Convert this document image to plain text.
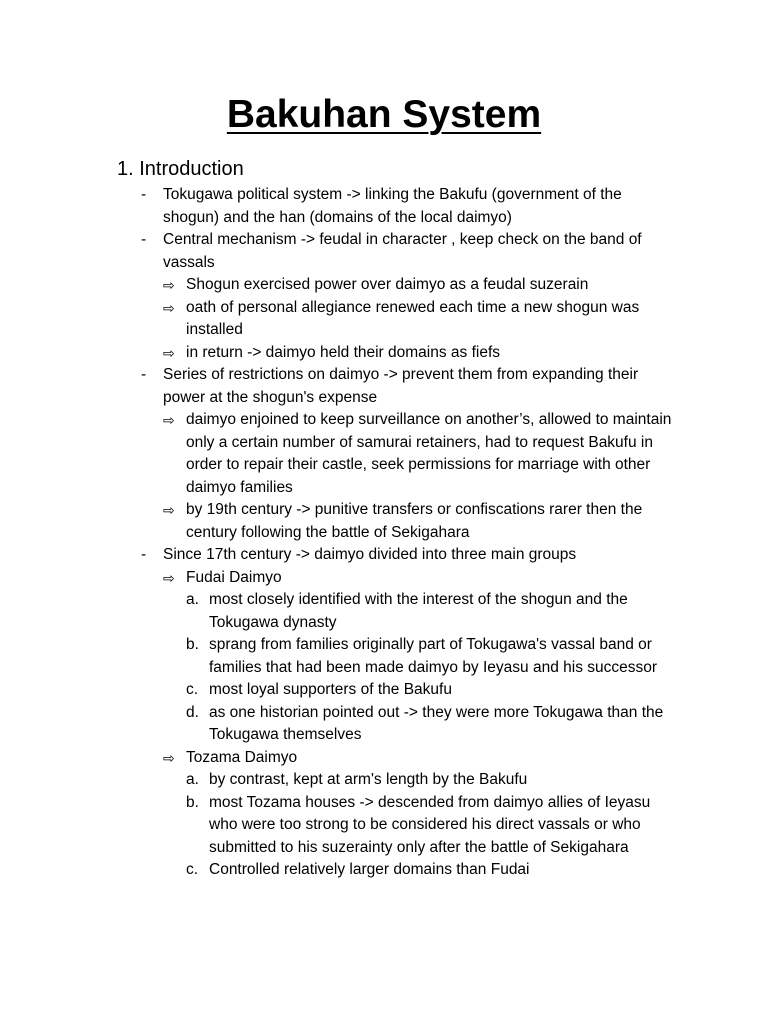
Bakuhan System
1. Introduction
- Tokugawa political system -> linking the Bakufu (government of the shogun) and the han (domains of the local daimyo)
- Central mechanism -> feudal in character , keep check on the band of vassals
⇨ Shogun exercised power over daimyo as a feudal suzerain
⇨ oath of personal allegiance renewed each time a new shogun was installed
⇨ in return -> daimyo held their domains as fiefs
- Series of restrictions on daimyo -> prevent them from expanding their power at the shogun's expense
⇨ daimyo enjoined to keep surveillance on another’s, allowed to maintain only a certain number of samurai retainers, had to request Bakufu in order to repair their castle, seek permissions for marriage with other daimyo families
⇨ by 19th century -> punitive transfers or confiscations rarer then the century following the battle of Sekigahara
- Since 17th century -> daimyo divided into three main groups
⇨ Fudai Daimyo
a. most closely identified with the interest of the shogun and the Tokugawa dynasty
b. sprang from families originally part of Tokugawa's vassal band or families that had been made daimyo by Ieyasu and his successor
c. most loyal supporters of the Bakufu
d. as one historian pointed out -> they were more Tokugawa than the Tokugawa themselves
⇨ Tozama Daimyo
a. by contrast, kept at arm's length by the Bakufu
b. most Tozama houses -> descended from daimyo allies of Ieyasu who were too strong to be considered his direct vassals or who submitted to his suzerainty only after the battle of Sekigahara
c. Controlled relatively larger domains than Fudai
